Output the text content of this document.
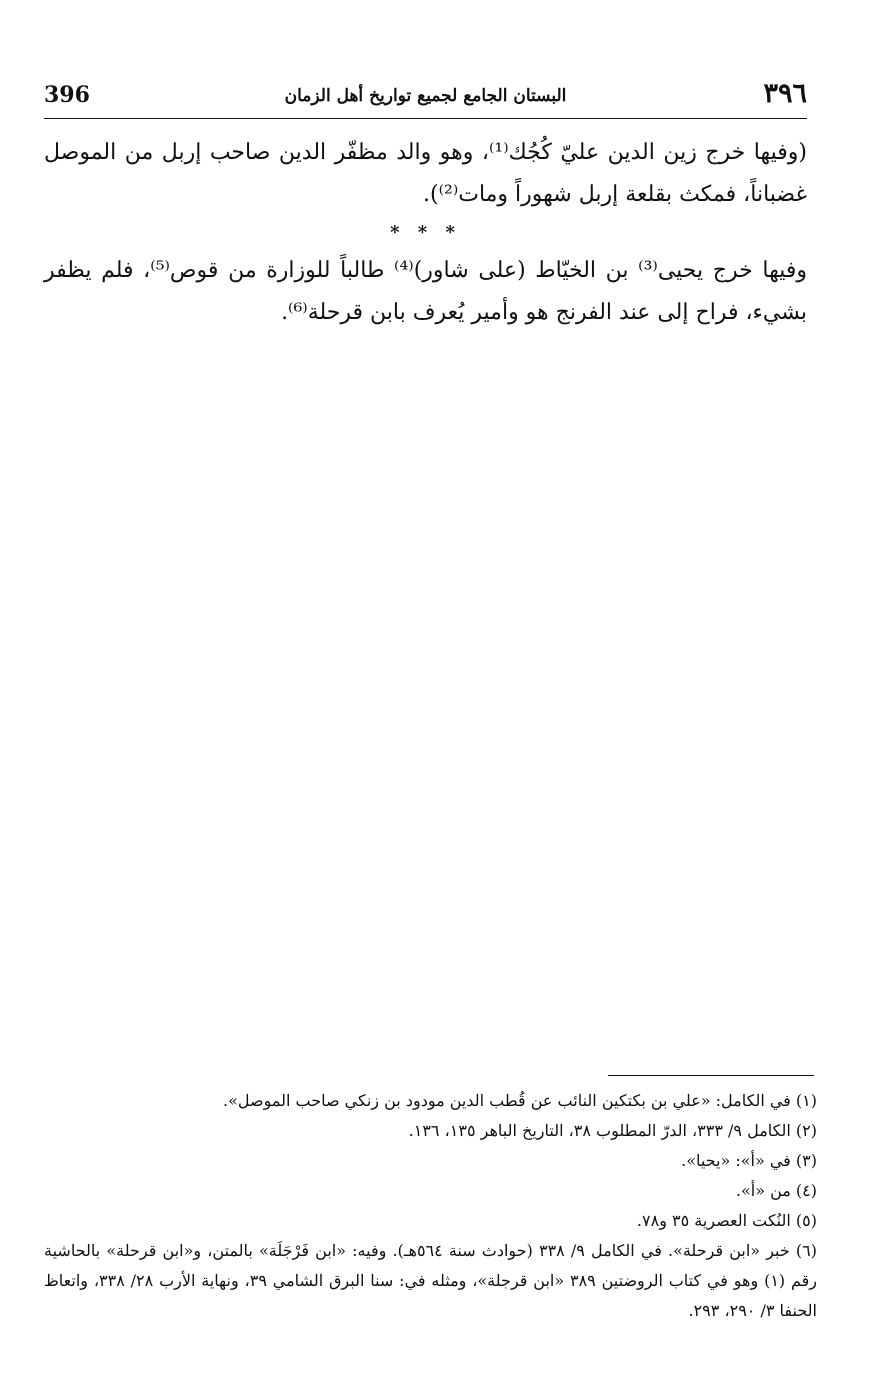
396	البستان الجامع لجميع تواريخ أهل الزمان	٣٩٦

(وفيها خرج زين الدين عليّ كُجُك⁽¹⁾، وهو والد مظفّر الدين صاحب إربل من الموصل غضباناً، فمكث بقلعة إربل شهوراً ومات⁽²⁾).

* * *

وفيها خرج يحيى⁽³⁾ بن الخيّاط (على شاور)⁽⁴⁾ طالباً للوزارة من قوص⁽⁵⁾، فلم يظفر بشيء، فراح إلى عند الفرنج هو وأمير يُعرف بابن قرحلة⁽⁶⁾.

(١) في الكامل: «علي بن بكتكين النائب عن قُطب الدين مودود بن زنكي صاحب الموصل».

(٢) الكامل ٩/ ٣٣٣، الدرّ المطلوب ٣٨، التاريخ الباهر ١٣٥، ١٣٦.

(٣) في «أ»: «يحيا».

(٤) من «أ».

(٥) النُكت العصرية ٣٥ و٧٨.

(٦) خبر «ابن قرحلة». في الكامل ٩/ ٣٣٨ (حوادث سنة ٥٦٤هـ). وفيه: «ابن فَرْجَلَة» بالمتن، و«ابن قرحلة» بالحاشية رقم (١) وهو في كتاب الروضتين ٣٨٩ «ابن قرجلة»، ومثله في: سنا البرق الشامي ٣٩، ونهاية الأرب ٢٨/ ٣٣٨، واتعاظ الحنفا ٣/ ٢٩٠، ٢٩٣.
